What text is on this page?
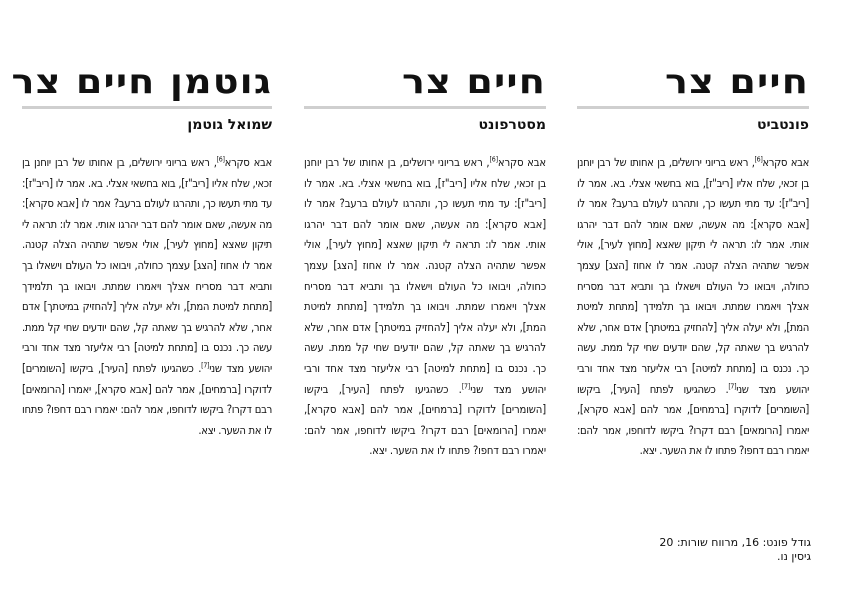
חיים צר
פונטביט
אבא סקרא[6], ראש בריוני ירושלים, בן אחותו של רבן יוחנן בן זכאי, שלח אליו [ריב"ז], בוא בחשאי אצלי. בא. אמר לו [ריב"ז]: עד מתי תעשו כך, ותהרגו לעולם ברעב? אמר לו [אבא סקרא]: מה אעשה, שאם אומר להם דבר יהרגו אותי. אמר לו: תראה לי תיקון שאצא [מחוץ לעיר], אולי אפשר שתהיה הצלה קטנה. אמר לו אחוז [הצג] עצמך כחולה, ויבואו כל העולם וישאלו בך ותביא דבר מסריח אצלך ויאמרו שמתת. ויבואו בך תלמידך [מתחת למיטת המת], ולא יעלה אליך [להחזיק במיטתך] אדם אחר, שלא להרגיש בך שאתה קל, שהם יודעים שחי קל ממת. עשה כך. נכנס בו [מתחת למיטה] רבי אליעזר מצד אחד ורבי יהושע מצד שני[7]. כשהגיעו לפתח [העיר], ביקשו [השומרים] לדוקרו [ברמחים], אמר להם [אבא סקרא], יאמרו [הרומאים] רבם דקרו? ביקשו לדוחפו, אמר להם: יאמרו רבם דחפו? פתחו לו את השער. יצא.
חיים צר
מסטרפונט
אבא סקרא[6], ראש בריוני ירושלים, בן אחותו של רבן יוחנן בן זכאי, שלח אליו [ריב"ז], בוא בחשאי אצלי. בא. אמר לו [ריב"ז]: עד מתי תעשו כך, ותהרגו לעולם ברעב? אמר לו [אבא סקרא]: מה אעשה, שאם אומר להם דבר יהרגו אותי. אמר לו: תראה לי תיקון שאצא [מחוץ לעיר], אולי אפשר שתהיה הצלה קטנה. אמר לו אחוז [הצג] עצמך כחולה, ויבואו כל העולם וישאלו בך ותביא דבר מסריח אצלך ויאמרו שמתת. ויבואו בך תלמידך [מתחת למיטת המת], ולא יעלה אליך [להחזיק במיטתך] אדם אחר, שלא להרגיש בך שאתה קל, שהם יודעים שחי קל ממת. עשה כך. נכנס בו [מתחת למיטה] רבי אליעזר מצד אחד ורבי יהושע מצד שני[7]. כשהגיעו לפתח [העיר], ביקשו [השומרים] לדוקרו [ברמחים], אמר להם [אבא סקרא], יאמרו [הרומאים] רבם דקרו? ביקשו לדוחפו, אמר להם: יאמרו רבם דחפו? פתחו לו את השער. יצא.
גוטמן חיים צר
שמואל גוטמן
אבא סקרא[6], ראש בריוני ירושלים, בן אחותו של רבן יוחנן בן זכאי, שלח אליו [ריב"ז], בוא בחשאי אצלי. בא. אמר לו [ריב"ז]: עד מתי תעשו כך, ותהרגו לעולם ברעב? אמר לו [אבא סקרא]: מה אעשה, שאם אומר להם דבר יהרגו אותי. אמר לו: תראה לי תיקון שאצא [מחוץ לעיר], אולי אפשר שתהיה הצלה קטנה. אמר לו אחוז [הצג] עצמך כחולה, ויבואו כל העולם וישאלו בך ותביא דבר מסריח אצלך ויאמרו שמתת. ויבואו בך תלמידך [מתחת למיטת המת], ולא יעלה אליך [להחזיק במיטתך] אדם אחר, שלא להרגיש בך שאתה קל, שהם יודעים שחי קל ממת. עשה כך. נכנס בו [מתחת למיטה] רבי אליעזר מצד אחד ורבי יהושע מצד שני[7]. כשהגיעו לפתח [העיר], ביקשו [השומרים] לדוקרו [ברמחים], אמר להם [אבא סקרא], יאמרו [הרומאים] רבם דקרו? ביקשו לדוחפו, אמר להם: יאמרו רבם דחפו? פתחו לו את השער. יצא.
גודל פונט: 16, מרווח שורות: 20
גיסין נו.
